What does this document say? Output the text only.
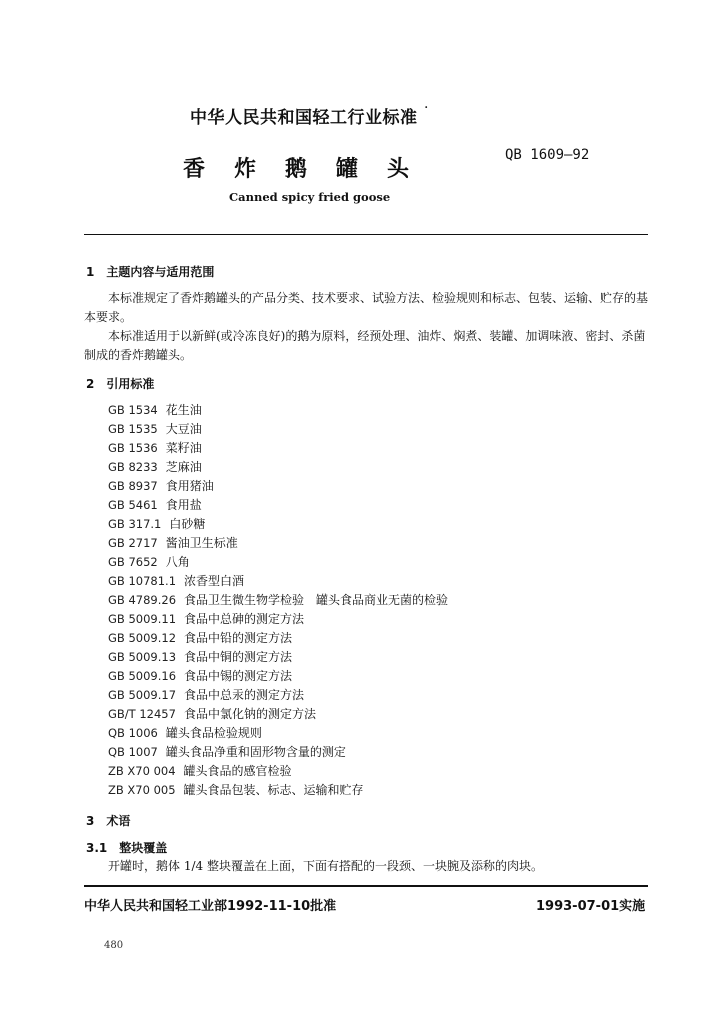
中华人民共和国轻工行业标准 ·
香炸鹅罐头
QB 1609—92
Canned spicy fried goose
1　主题内容与适用范围
本标准规定了香炸鹅罐头的产品分类、技术要求、试验方法、检验规则和标志、包装、运输、贮存的基
本要求。
本标准适用于以新鲜(或冷冻良好)的鹅为原料，经预处理、油炸、焖煮、装罐、加调味液、密封、杀菌
制成的香炸鹅罐头。
2　引用标准
GB 1534 花生油
GB 1535 大豆油
GB 1536 菜籽油
GB 8233 芝麻油
GB 8937 食用猪油
GB 5461 食用盐
GB 317.1 白砂糖
GB 2717 酱油卫生标准
GB 7652 八角
GB 10781.1 浓香型白酒
GB 4789.26 食品卫生微生物学检验　罐头食品商业无菌的检验
GB 5009.11 食品中总砷的测定方法
GB 5009.12 食品中铅的测定方法
GB 5009.13 食品中铜的测定方法
GB 5009.16 食品中锡的测定方法
GB 5009.17 食品中总汞的测定方法
GB/T 12457 食品中氯化钠的测定方法
QB 1006 罐头食品检验规则
QB 1007 罐头食品净重和固形物含量的测定
ZB X70 004 罐头食品的感官检验
ZB X70 005 罐头食品包装、标志、运输和贮存
3　术语
3.1　整块覆盖
开罐时，鹅体 1/4 整块覆盖在上面，下面有搭配的一段颈、一块腕及添称的肉块。
中华人民共和国轻工业部1992-11-10批准	1993-07-01实施
480
